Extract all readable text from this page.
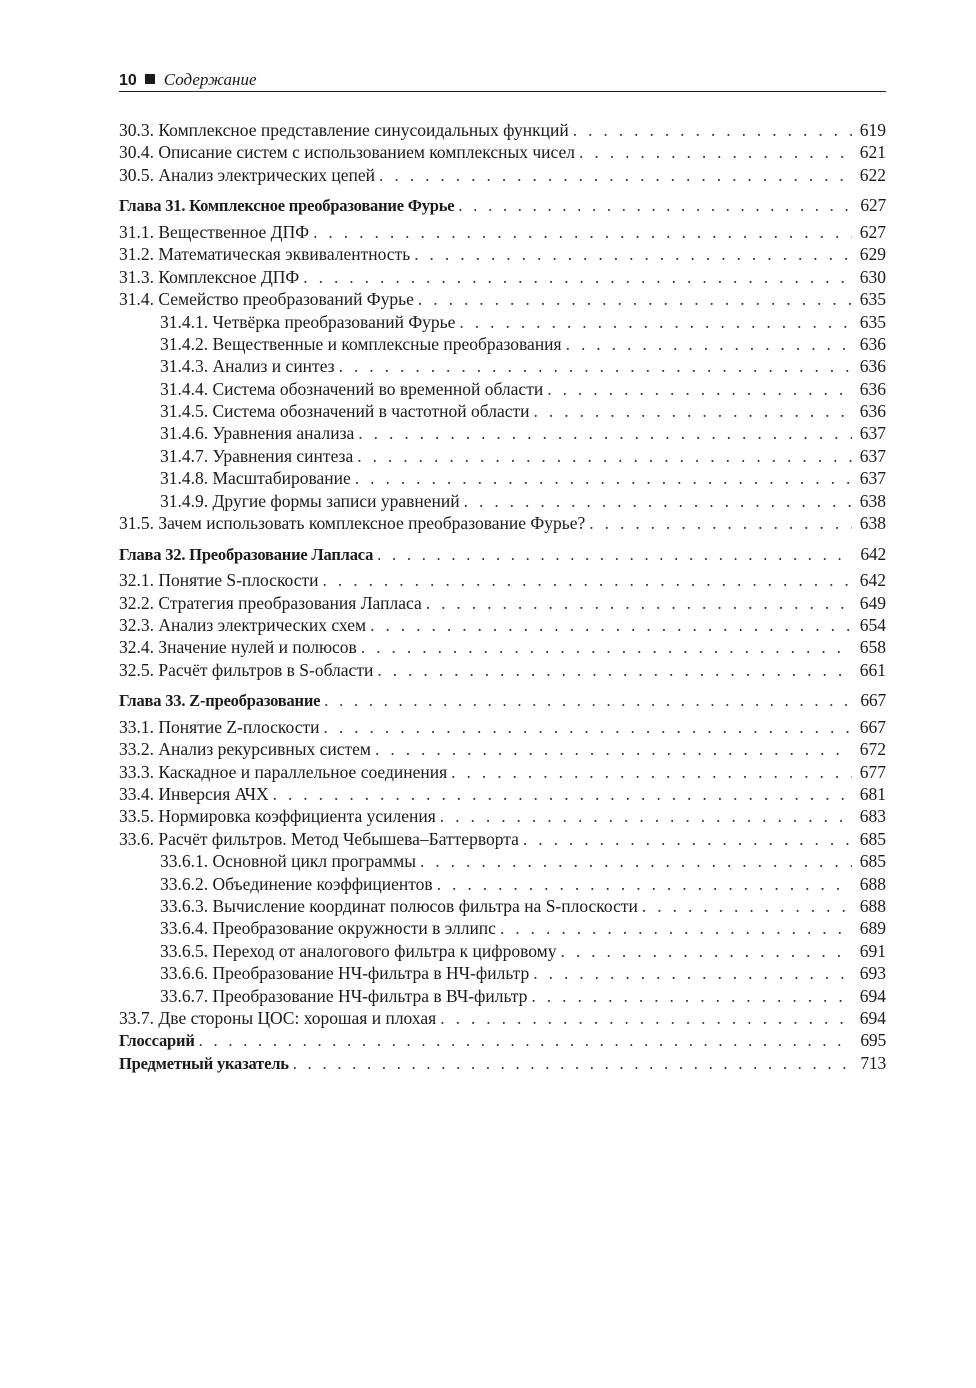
10 Содержание
30.3. Комплексное представление синусоидальных функций . . .	619
30.4. Описание систем с использованием комплексных чисел . . .	621
30.5. Анализ электрических цепей . . .	622
Глава 31. Комплексное преобразование Фурье . . .	627
31.1. Вещественное ДПФ . . .	627
31.2. Математическая эквивалентность . . .	629
31.3. Комплексное ДПФ . . .	630
31.4. Семейство преобразований Фурье . . .	635
31.4.1. Четвёрка преобразований Фурье . . .	635
31.4.2. Вещественные и комплексные преобразования . . .	636
31.4.3. Анализ и синтез . . .	636
31.4.4. Система обозначений во временной области . . .	636
31.4.5. Система обозначений в частотной области . . .	636
31.4.6. Уравнения анализа . . .	637
31.4.7. Уравнения синтеза . . .	637
31.4.8. Масштабирование . . .	637
31.4.9. Другие формы записи уравнений . . .	638
31.5. Зачем использовать комплексное преобразование Фурье? . . .	638
Глава 32. Преобразование Лапласа . . .	642
32.1. Понятие S-плоскости . . .	642
32.2. Стратегия преобразования Лапласа . . .	649
32.3. Анализ электрических схем . . .	654
32.4. Значение нулей и полюсов . . .	658
32.5. Расчёт фильтров в S-области . . .	661
Глава 33. Z-преобразование . . .	667
33.1. Понятие Z-плоскости . . .	667
33.2. Анализ рекурсивных систем . . .	672
33.3. Каскадное и параллельное соединения . . .	677
33.4. Инверсия АЧХ . . .	681
33.5. Нормировка коэффициента усиления . . .	683
33.6. Расчёт фильтров. Метод Чебышева–Баттерворта . . .	685
33.6.1. Основной цикл программы . . .	685
33.6.2. Объединение коэффициентов . . .	688
33.6.3. Вычисление координат полюсов фильтра на S-плоскости . . .	688
33.6.4. Преобразование окружности в эллипс . . .	689
33.6.5. Переход от аналогового фильтра к цифровому . . .	691
33.6.6. Преобразование НЧ-фильтра в НЧ-фильтр . . .	693
33.6.7. Преобразование НЧ-фильтра в ВЧ-фильтр . . .	694
33.7. Две стороны ЦОС: хорошая и плохая . . .	694
Глоссарий . . .	695
Предметный указатель . . .	713
